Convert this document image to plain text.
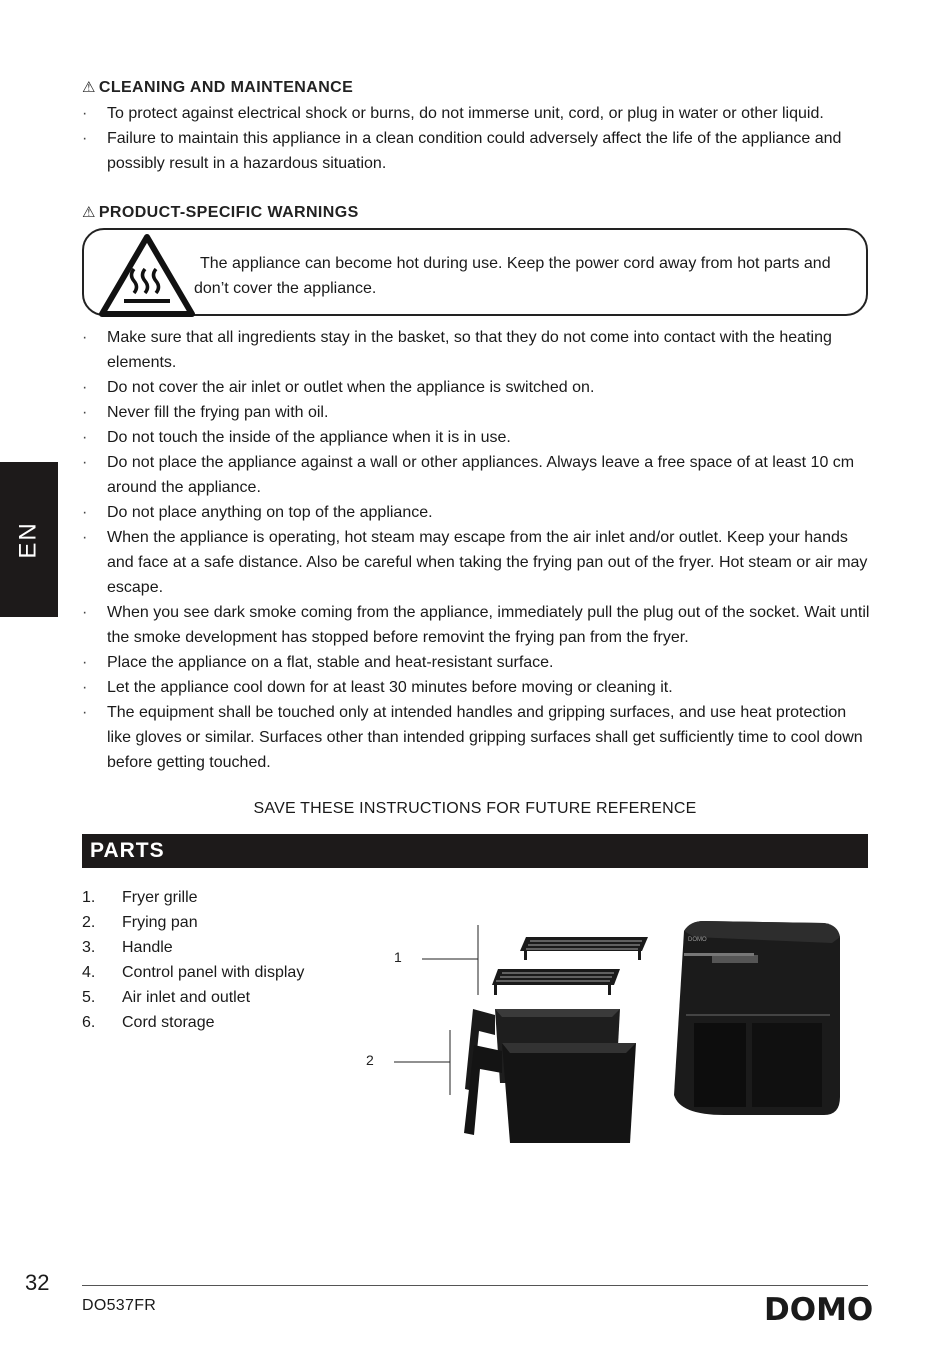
EN
⚠ CLEANING AND MAINTENANCE
· To protect against electrical shock or burns, do not immerse unit, cord, or plug in water or other liquid.
· Failure to maintain this appliance in a clean condition could adversely affect the life of the appliance and possibly result in a hazardous situation.
⚠ PRODUCT-SPECIFIC WARNINGS
The appliance can become hot during use. Keep the power cord away from hot parts and don’t cover the appliance.
· Make sure that all ingredients stay in the basket, so that they do not come into contact with the heating elements.
· Do not cover the air inlet or outlet when the appliance is switched on.
· Never fill the frying pan with oil.
· Do not touch the inside of the appliance when it is in use.
· Do not place the appliance against a wall or other appliances. Always leave a free space of at least 10 cm around the appliance.
· Do not place anything on top of the appliance.
· When the appliance is operating, hot steam may escape from the air inlet and/or outlet. Keep your hands and face at a safe distance. Also be careful when taking the frying pan out of the fryer. Hot steam or air may escape.
· When you see dark smoke coming from the appliance, immediately pull the plug out of the socket. Wait until the smoke development has stopped before removint the frying pan from the fryer.
· Place the appliance on a flat, stable and heat-resistant surface.
· Let the appliance cool down for at least 30 minutes before moving or cleaning it.
· The equipment shall be touched only at intended handles and gripping surfaces, and use heat protection like gloves or similar. Surfaces other than intended gripping surfaces shall get sufficiently time to cool down before getting touched.
SAVE THESE INSTRUCTIONS FOR FUTURE REFERENCE
PARTS
1.	Fryer grille
2.	Frying pan
3.	Handle
4.	Control panel with display
5.	Air inlet and outlet
6.	Cord storage
1
2
DOMO
32
DO537FR	DOMO
